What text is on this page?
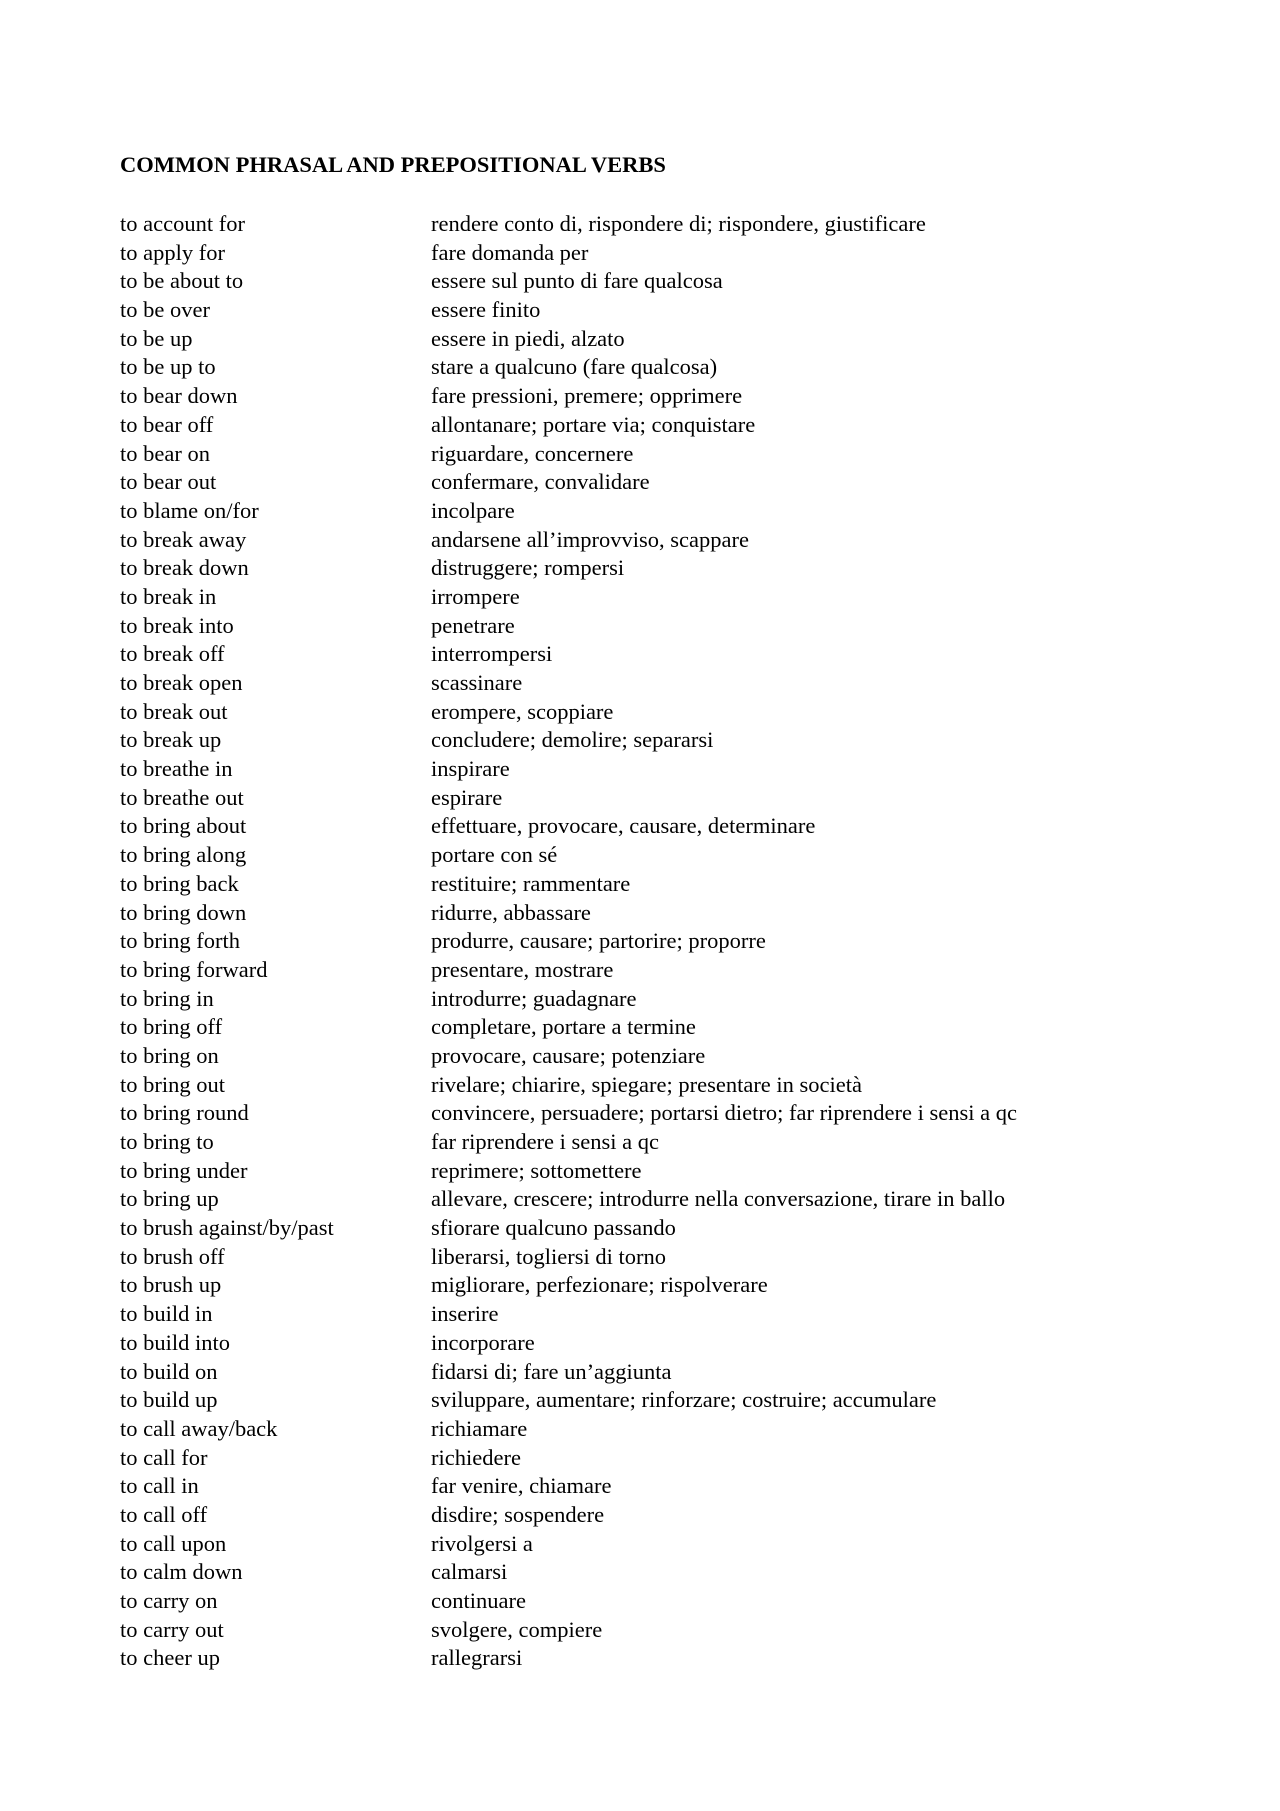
COMMON PHRASAL AND PREPOSITIONAL VERBS
to account for	rendere conto di, rispondere di; rispondere, giustificare
to apply for	fare domanda per
to be about to	essere sul punto di fare qualcosa
to be over	essere finito
to be up	essere in piedi, alzato
to be up to	stare a qualcuno (fare qualcosa)
to bear down	fare pressioni, premere; opprimere
to bear off	allontanare; portare via; conquistare
to bear on	riguardare, concernere
to bear out	confermare, convalidare
to blame on/for	incolpare
to break away	andarsene all’improvviso, scappare
to break down	distruggere; rompersi
to break in	irrompere
to break into	penetrare
to break off	interrompersi
to break open	scassinare
to break out	erompere, scoppiare
to break up	concludere; demolire; separarsi
to breathe in	inspirare
to breathe out	espirare
to bring about	effettuare, provocare, causare, determinare
to bring along	portare con sé
to bring back	restituire; rammentare
to bring down	ridurre, abbassare
to bring forth	produrre, causare; partorire; proporre
to bring forward	presentare, mostrare
to bring in	introdurre; guadagnare
to bring off	completare, portare a termine
to bring on	provocare, causare; potenziare
to bring out	rivelare; chiarire, spiegare; presentare in società
to bring round	convincere, persuadere; portarsi dietro; far riprendere i sensi a qc
to bring to	far riprendere i sensi a qc
to bring under	reprimere; sottomettere
to bring up	allevare, crescere; introdurre nella conversazione, tirare in ballo
to brush against/by/past	sfiorare qualcuno passando
to brush off	liberarsi, togliersi di torno
to brush up	migliorare, perfezionare; rispolverare
to build in	inserire
to build into	incorporare
to build on	fidarsi di; fare un’aggiunta
to build up	sviluppare, aumentare; rinforzare; costruire; accumulare
to call away/back	richiamare
to call for	richiedere
to call in	far venire, chiamare
to call off	disdire; sospendere
to call upon	rivolgersi a
to calm down	calmarsi
to carry on	continuare
to carry out	svolgere, compiere
to cheer up	rallegrarsi
